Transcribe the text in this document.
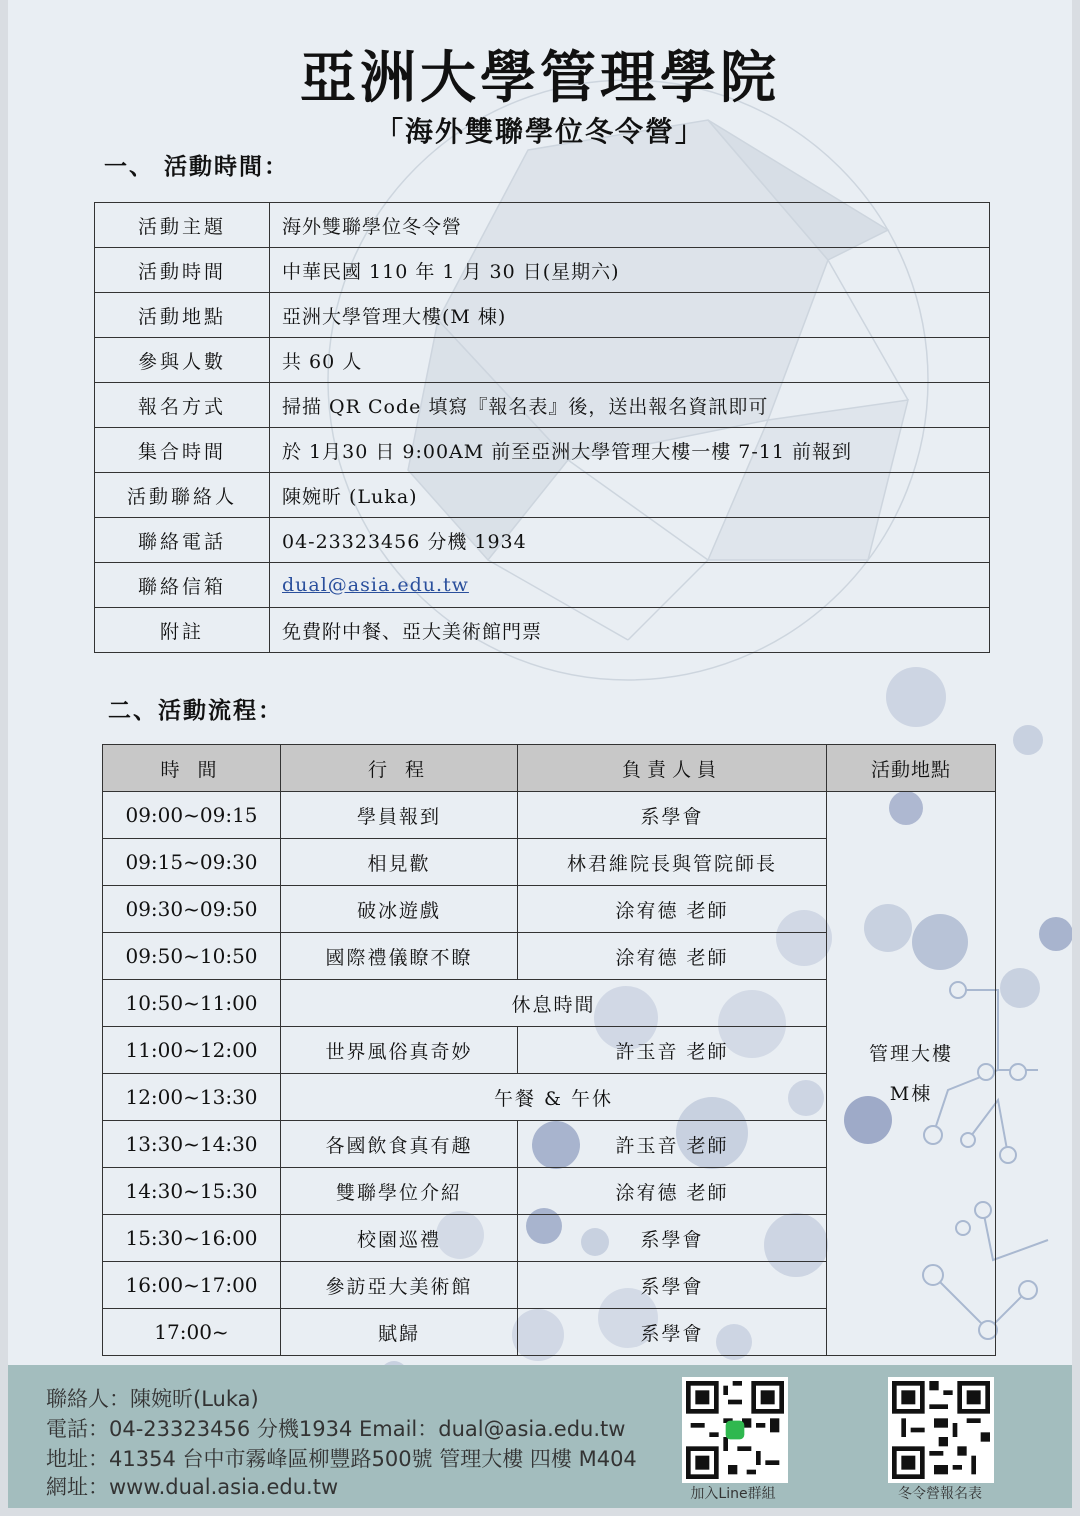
亞洲大學管理學院
「海外雙聯學位冬令營」
一、 活動時間：
活動主題	海外雙聯學位冬令營
活動時間	中華民國 110 年 1 月 30 日(星期六)
活動地點	亞洲大學管理大樓(M 棟)
參與人數	共 60 人
報名方式	掃描 QR Code 填寫『報名表』後，送出報名資訊即可
集合時間	於 1月30 日 9:00AM 前至亞洲大學管理大樓一樓 7-11 前報到
活動聯絡人	陳婉昕 (Luka)
聯絡電話	04-23323456 分機 1934
聯絡信箱	dual@asia.edu.tw
附註	免費附中餐、亞大美術館門票
二、活動流程：
時 間	行 程	負責人員	活動地點
09:00~09:15	學員報到	系學會	管理大樓
M棟

09:15~09:30	相見歡	林君維院長與管院師長	
09:30~09:50	破冰遊戲	涂宥德 老師	
09:50~10:50	國際禮儀瞭不瞭	涂宥德 老師	
10:50~11:00	休息時間		
11:00~12:00	世界風俗真奇妙	許玉音 老師	
12:00~13:30	午餐 & 午休		
13:30~14:30	各國飲食真有趣	許玉音 老師	
14:30~15:30	雙聯學位介紹	涂宥德 老師	
15:30~16:00	校園巡禮	系學會	
16:00~17:00	參訪亞大美術館	系學會	
17:00~	賦歸	系學會	
聯絡人：陳婉昕(Luka)
電話：04-23323456 分機1934 Email：dual@asia.edu.tw
地址：41354 台中市霧峰區柳豐路500號 管理大樓 四樓 M404
網址：www.dual.asia.edu.tw	加入Line群組	冬令營報名表
